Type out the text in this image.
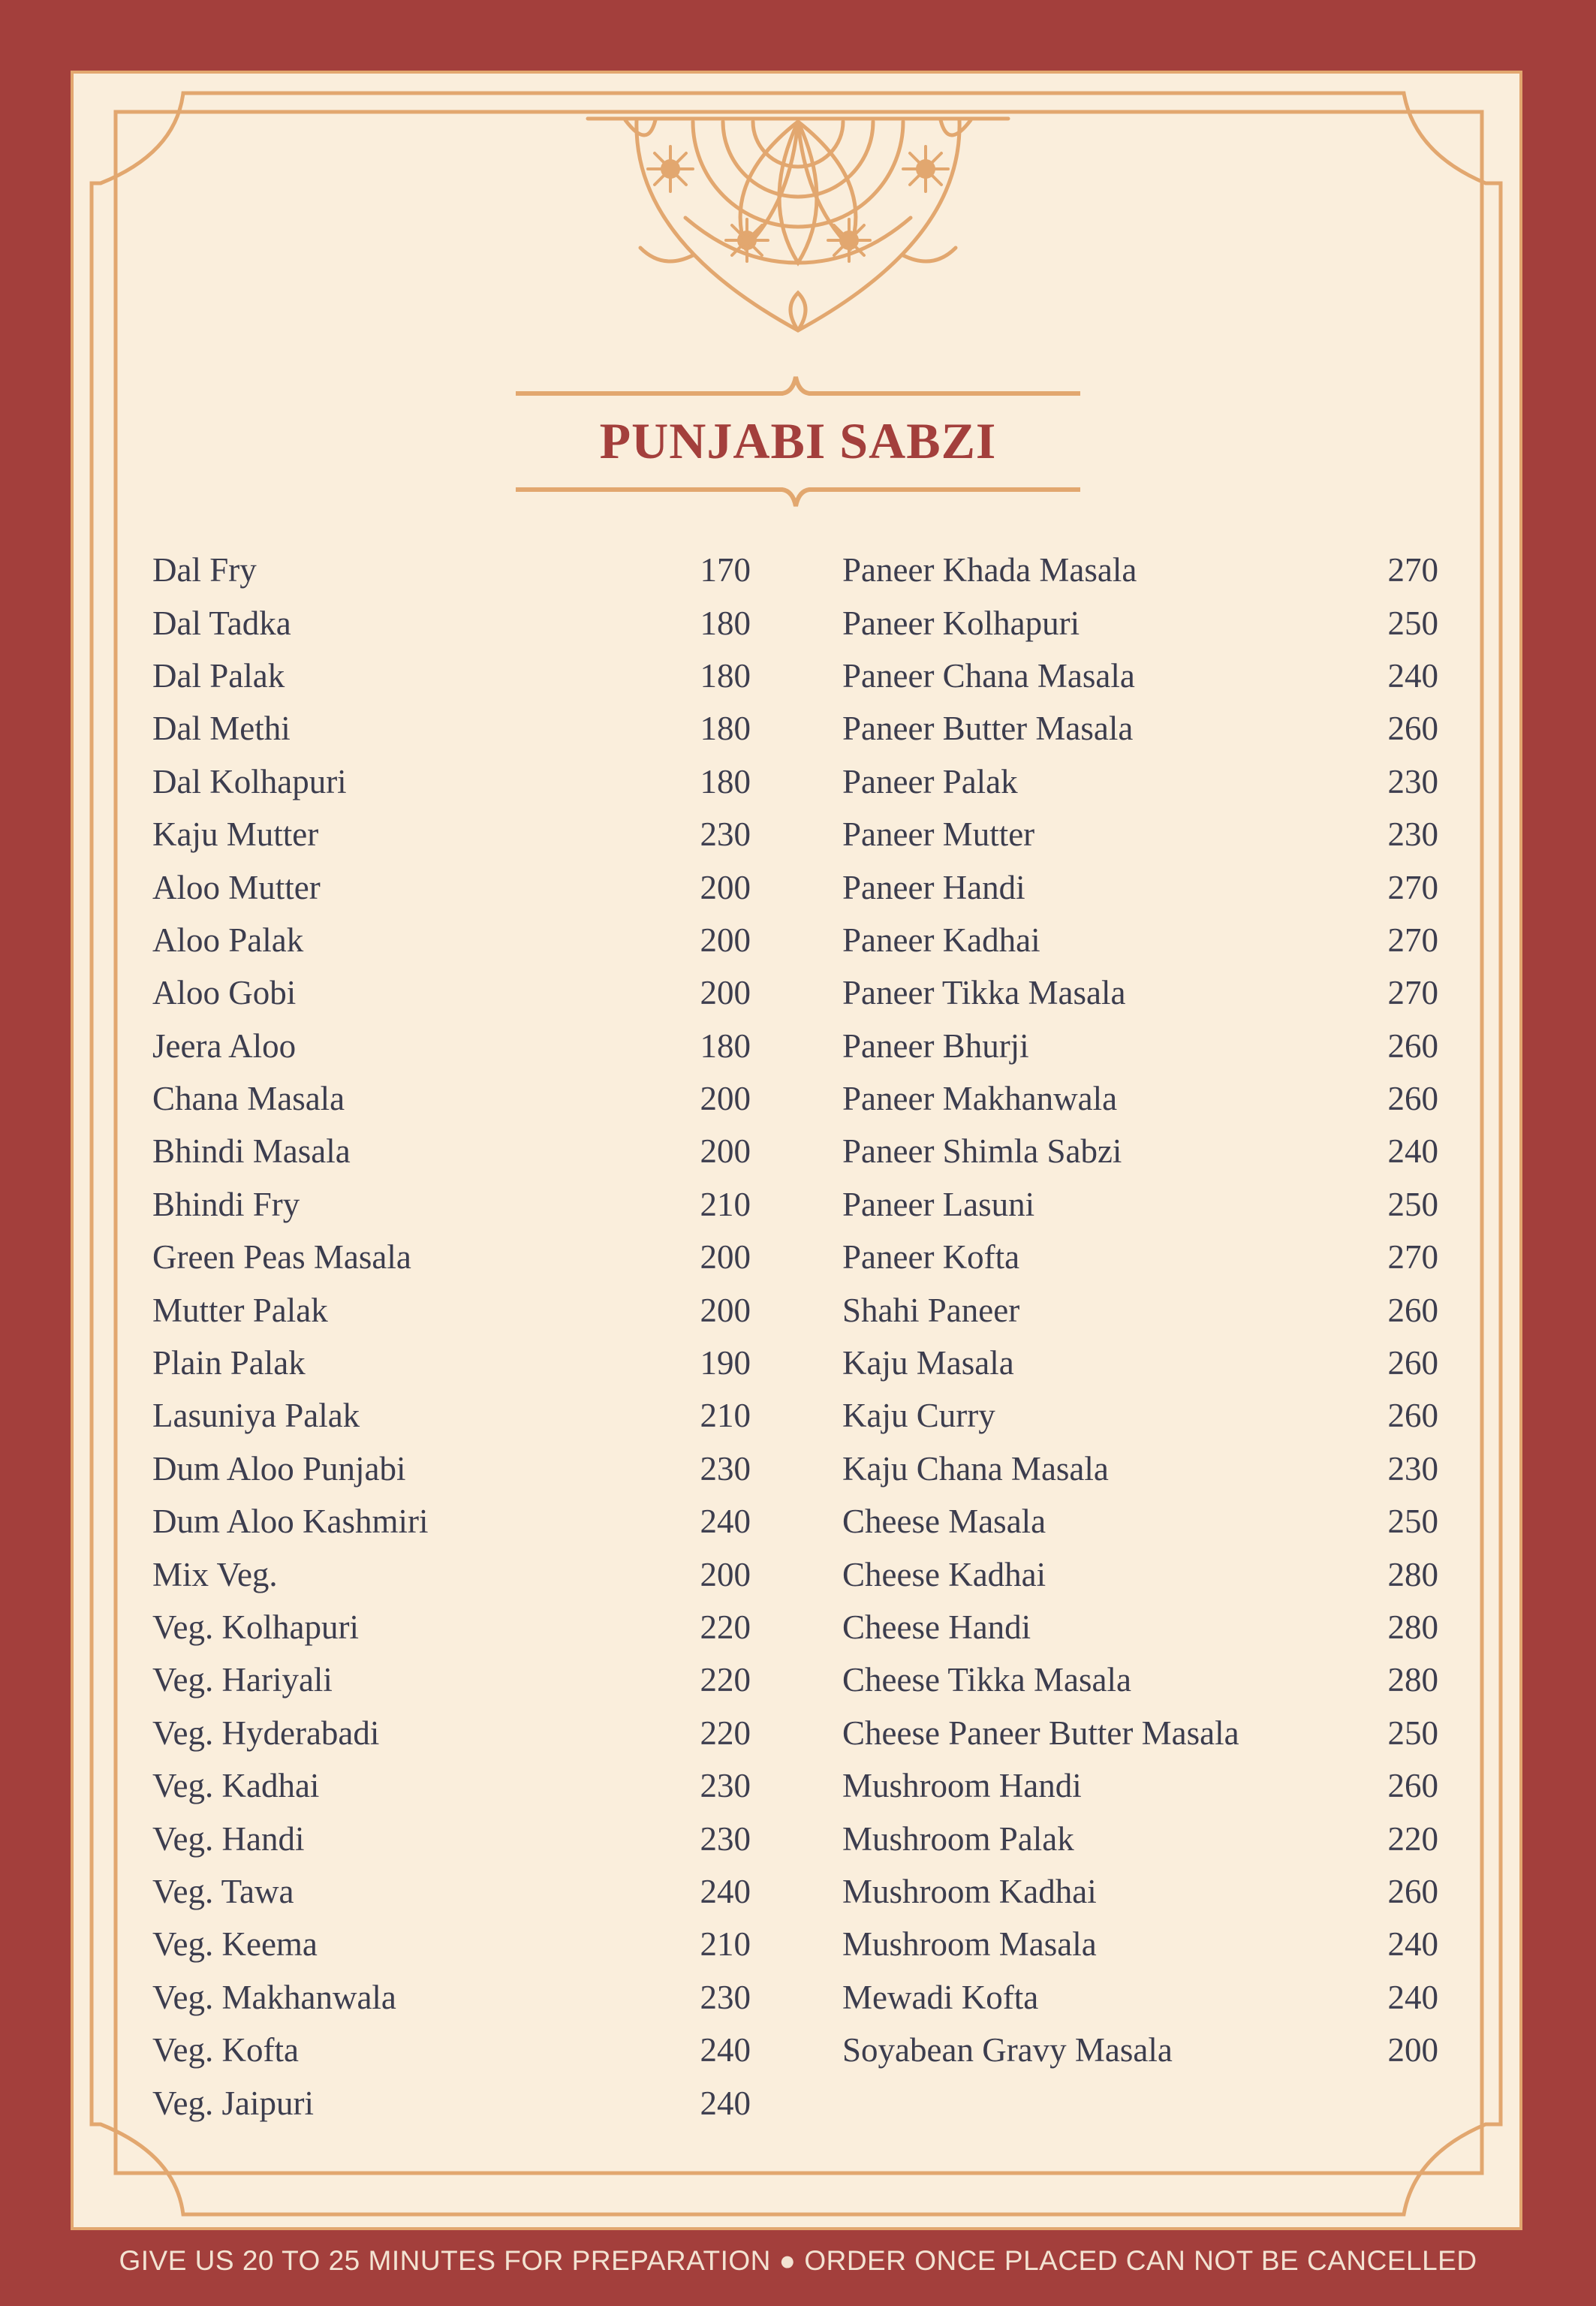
PUNJABI SABZI
Dal Fry	170
Dal Tadka	180
Dal Palak	180
Dal Methi	180
Dal Kolhapuri	180
Kaju Mutter	230
Aloo Mutter	200
Aloo Palak	200
Aloo Gobi	200
Jeera Aloo	180
Chana Masala	200
Bhindi Masala	200
Bhindi Fry	210
Green Peas Masala	200
Mutter Palak	200
Plain Palak	190
Lasuniya Palak	210
Dum Aloo Punjabi	230
Dum Aloo Kashmiri	240
Mix Veg.	200
Veg. Kolhapuri	220
Veg. Hariyali	220
Veg. Hyderabadi	220
Veg. Kadhai	230
Veg. Handi	230
Veg. Tawa	240
Veg. Keema	210
Veg. Makhanwala	230
Veg. Kofta	240
Veg. Jaipuri	240
Paneer Khada Masala	270
Paneer Kolhapuri	250
Paneer Chana Masala	240
Paneer Butter Masala	260
Paneer Palak	230
Paneer Mutter	230
Paneer Handi	270
Paneer Kadhai	270
Paneer Tikka Masala	270
Paneer Bhurji	260
Paneer Makhanwala	260
Paneer Shimla Sabzi	240
Paneer Lasuni	250
Paneer Kofta	270
Shahi Paneer	260
Kaju Masala	260
Kaju Curry	260
Kaju Chana Masala	230
Cheese Masala	250
Cheese Kadhai	280
Cheese Handi	280
Cheese Tikka Masala	280
Cheese Paneer Butter Masala	250
Mushroom Handi	260
Mushroom Palak	220
Mushroom Kadhai	260
Mushroom Masala	240
Mewadi Kofta	240
Soyabean Gravy Masala	200
GIVE US 20 TO 25 MINUTES FOR PREPARATION ● ORDER ONCE PLACED CAN NOT BE CANCELLED
